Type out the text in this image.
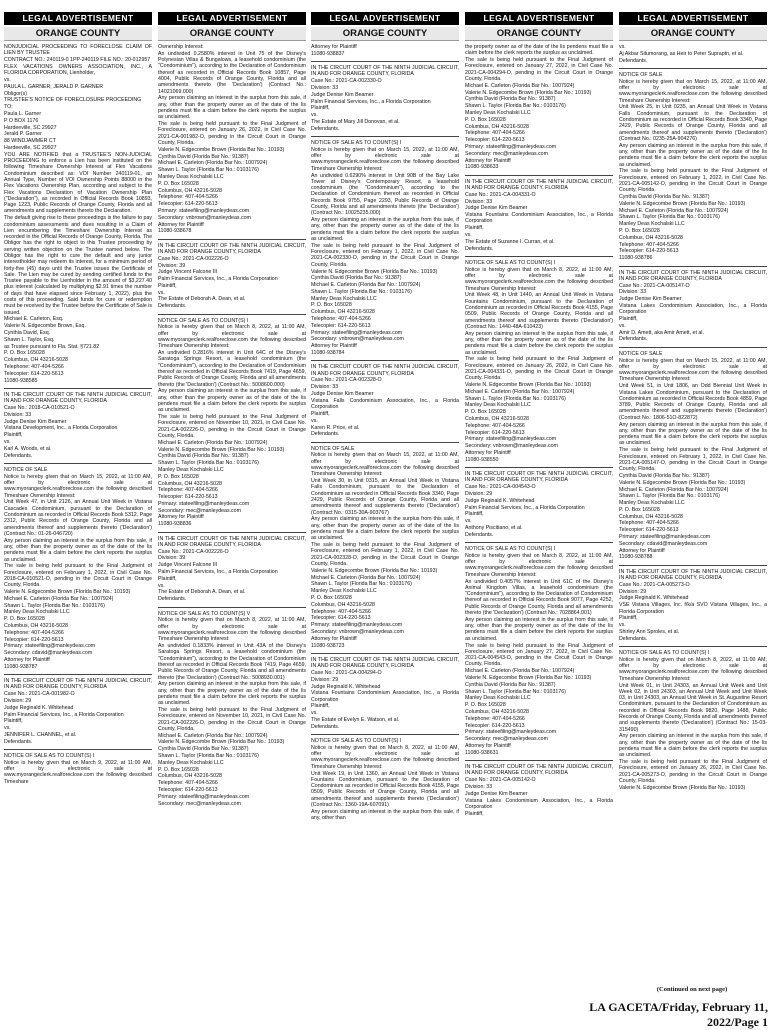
LEGAL ADVERTISEMENT
ORANGE COUNTY

NONJUDICIAL PROCEEDING TO FORECLOSE CLAIM OF LIEN BY TRUSTEE

CONTRACT NO.: 240119-0 1PP-240119 FILE NO.: 20-012957

FLEX VACATIONS OWNERS ASSOCIATION, INC., A FLORIDA CORPORATION, Lienholder,

vs.

PAULA L. GARNER; JERALD P. GARNER

Obligor(s)

TRUSTEE'S NOTICE OF FORECLOSURE PROCEEDING

TO:

Paula L. Garner

P O BOX 1176

Hardeeville, SC 29927

Jerald P. Garner

88 WINDJAMMER CT

Hardeeville, SC 29927

YOU ARE NOTIFIED that a TRUSTEE'S NON-JUDICIAL PROCEEDING to enforce a Lien has been instituted on the following Timeshare Ownership Interest at Flex Vacations Condominium described as: VOI Number 240119-01, an Annual Type, Number of VOI Ownership Points 88000 in the Flex Vacations Ownership Plan, according and subject to the Flex Vacations Declaration of Vacation Ownership Plan ("Declaration"), as recorded in Official Records Book 10893, Page 1223, Public Records of Orange County, Florida and all amendments and supplements thereto the Declaration.

The default giving rise to these proceedings is the failure to pay condominium assessments and dues resulting in a Claim of Lien encumbering the Timeshare Ownership Interest as recorded in the Official Records of Orange County, Florida. The Obligor has the right to object to this Trustee proceeding by serving written objection on the Trustee named below. The Obligor has the right to cure the default and any junior interestholder may redeem its interest, for a minimum period of forty-five (45) days until the Trustee issues the Certificate of Sale. The Lien may be cured by sending certified funds to the Trustee payable to the Lienholder in the amount of $3,227.40 plus interest (calculated by multiplying $2.91 times the number of days that have elapsed since February 1, 2022), plus the costs of this proceeding. Said funds for cure or redemption must be received by the Trustee before the Certificate of Sale is issued.

Michael E. Carleton, Esq.

Valerie N. Edgecombe Brown, Esq.

Cynthia David, Esq.

Shawn L. Taylor, Esq.

as Trustee pursuant to Fla. Stat. §721.82

P. O. Box 165028

Columbus, OH 43216-5028

Telephone: 407-404-5266

Telecopier: 614-220-5613

11080-938585

IN THE CIRCUIT COURT OF THE NINTH JUDICIAL CIRCUIT, IN AND FOR ORANGE COUNTY, FLORIDA

Case No.: 2018-CA-010521-O

Division: 33

Judge Denise Kim Beamer

Vistana Development, Inc., a Florida Corporation

Plaintiff,

vs.

Karl A. Woods, et al.

Defendants.

NOTICE OF SALE

Notice is hereby given that on March 15, 2022, at 11:00 AM, offer by electronic sale at www.myorangeclerk.realforeclose.com the following described Timeshare Ownership Interest:

Unit Week 47, in Unit 2126, an Annual Unit Week in Vistana Cascades Condominium, pursuant to the Declaration of Condominium as recorded in Official Records Book 5312, Page 2312, Public Records of Orange County, Florida and all amendments thereof and supplements thereto ('Declaration') (Contract No.: 01-26-046720)

Any person claiming an interest in the surplus from this sale, if any, other than the property owner as of the date of the lis pendens must file a claim before the clerk reports the surplus as unclaimed.

The sale is being held pursuant to the Final Judgment of Foreclosure, entered on February 1, 2022, in Civil Case No. 2018-CA-010521-O, pending in the Circuit Court in Orange County, Florida.

Valerie N. Edgecombe Brown (Florida Bar No.: 10193)

Michael E. Carleton (Florida Bar No.: 1007924)

Shawn L. Taylor (Florida Bar No.: 0103176)

Manley Deas Kochalski LLC

P. O. Box 165028

Columbus, OH 43216-5028

Telephone: 407-404-5266

Telecopier: 614-220-5613

Primary: stateefiling@manleydeas.com

Secondary: cdavid@manleydeas.com

Attorney for Plaintiff

11080-938787

IN THE CIRCUIT COURT OF THE NINTH JUDICIAL CIRCUIT, IN AND FOR ORANGE COUNTY, FLORIDA

Case No.: 2021-CA-001982-O

Division: 29

Judge Reginald K. Whitehead

Palm Financial Services, Inc., a Florida Corporation

Plaintiff,

vs.

JENNIFER L. CHANNEL, et al.

Defendants.

NOTICE OF SALE AS TO COUNT(S) I

Notice is hereby given that on March 9, 2022, at 11:00 AM, offer by electronic sale at www.myorangeclerk.realforeclose.com the following described Timeshare

LEGAL ADVERTISEMENT
ORANGE COUNTY

Ownership Interest:

An undivided 0.2580% interest in Unit 75 of the Disney's Polynesian Villas & Bungalows, a leasehold condominium (the "Condominium"), according to the Declaration of Condominium thereof as recorded in Official Records Book 10857, Page 4004, Public Records of Orange County, Florida and all amendments thereto (the 'Declaration') (Contract No.: 14021069.000)

Any person claiming an interest in the surplus from this sale, if any, other than the property owner as of the date of the lis pendens must file a claim before the clerk reports the surplus as unclaimed.

The sale is being held pursuant to the Final Judgment of Foreclosure, entered on January 26, 2022, in Civil Case No. 2021-CA-001982-O, pending in the Circuit Court in Orange County, Florida.

Valerie N. Edgecombe Brown (Florida Bar No.: 10193)

Cynthia David (Florida Bar No.: 91387)

Michael E. Carleton (Florida Bar No.: 1007924)

Shawn L. Taylor (Florida Bar No.: 0103176)

Manley Deas Kochalski LLC

P. O. Box 165028

Columbus, OH 43216-5028

Telephone: 407-404-5266

Telecopier: 614-220-5613

Primary: stateefiling@manleydeas.com

Secondary: vnbrown@manleydeas.com

Attorney for Plaintiff

11080-938678

IN THE CIRCUIT COURT OF THE NINTH JUDICIAL CIRCUIT, IN AND FOR ORANGE COUNTY, FLORIDA

Case No.: 2021-CA-002226-O

Division: 39

Judge Vincent Falcone III

Palm Financial Services, Inc., a Florida Corporation

Plaintiff,

vs.

The Estate of Deborah A. Dean, et al.

Defendants.

NOTICE OF SALE AS TO COUNT(S) I

Notice is hereby given that on March 8, 2022, at 11:00 AM, offer by electronic sale at www.myorangeclerk.realforeclose.com the following described Timeshare Ownership Interest:

An undivided 0.2816% interest in Unit 64C of the Disney's Saratoga Springs Resort, a leasehold condominium (the "Condominium"), according to the Declaration of Condominium thereof as recorded in Official Records Book 7419, Page 4659, Public Records of Orange County, Florida and all amendments thereto (the 'Declaration') (Contract No.: 5008600.000)

Any person claiming an interest in the surplus from this sale, if any, other than the property owner as of the date of the lis pendens must file a claim before the clerk reports the surplus as unclaimed.

The sale is being held pursuant to the Final Judgment of Foreclosure, entered on November 10, 2021, in Civil Case No. 2021-CA-002226-O, pending in the Circuit Court in Orange County, Florida.

Michael E. Carleton (Florida Bar No.: 1007924)

Valerie N. Edgecombe Brown (Florida Bar No.: 10193)

Cynthia David (Florida Bar No.: 91387)

Shawn L. Taylor (Florida Bar No.: 0103176)

Manley Deas Kochalski LLC

P. O. Box 165028

Columbus, OH 43216-5028

Telephone: 407-404-5266

Telecopier: 614-220-5613

Primary: stateefiling@manleydeas.com

Secondary: mec@manleydeas.com

Attorney for Plaintiff

11080-938836

IN THE CIRCUIT COURT OF THE NINTH JUDICIAL CIRCUIT, IN AND FOR ORANGE COUNTY, FLORIDA

Case No.: 2021-CA-002226-O

Division: 39

Judge Vincent Falcone III

Palm Financial Services, Inc., a Florida Corporation

Plaintiff,

vs.

The Estate of Deborah A. Dean, et al.

Defendants.

NOTICE OF SALE AS TO COUNT(S) V

Notice is hereby given that on March 8, 2022, at 11:00 AM, offer by electronic sale at www.myorangeclerk.realforeclose.com the following described Timeshare Ownership Interest:

An undivided 0.1833% interest in Unit 43A of the Disney's Saratoga Springs Resort, a leasehold condominium (the "Condominium"), according to the Declaration of Condominium thereof as recorded in Official Records Book 7419, Page 4659, Public Records of Orange County, Florida and all amendments thereto (the 'Declaration') (Contract No.: 5008930.001)

Any person claiming an interest in the surplus from this sale, if any, other than the property owner as of the date of the lis pendens must file a claim before the clerk reports the surplus as unclaimed.

The sale is being held pursuant to the Final Judgment of Foreclosure, entered on November 10, 2021, in Civil Case No. 2021-CA-002226-O, pending in the Circuit Court in Orange County, Florida.

Michael E. Carleton (Florida Bar No.: 1007924)

Valerie N. Edgecombe Brown (Florida Bar No.: 10193)

Cynthia David (Florida Bar No.: 91387)

Shawn L. Taylor (Florida Bar No.: 0103176)

Manley Deas Kochalski LLC

P. O. Box 165028

Columbus, OH 43216-5028

Telephone: 407-404-5266

Telecopier: 614-220-5613

Primary: stateefiling@manleydeas.com

Secondary: mec@manleydeas.com

LEGAL ADVERTISEMENT
ORANGE COUNTY

Attorney for Plaintiff

11080-938837

IN THE CIRCUIT COURT OF THE NINTH JUDICIAL CIRCUIT, IN AND FOR ORANGE COUNTY, FLORIDA

Case No.: 2021-CA-002330-O

Division: 33

Judge Denise Kim Beamer

Palm Financial Services, Inc., a Florida Corporation

Plaintiff,

vs.

The Estate of Mary Jill Donovan, et al.

Defendants.

NOTICE OF SALE AS TO COUNT(S) I

Notice is hereby given that on March 15, 2022, at 11:00 AM, offer by electronic sale at www.myorangeclerk.realforeclose.com the following described Timeshare Ownership Interest:

An undivided 0.6290% interest in Unit 90B of the Bay Lake Tower at Disney's Contemporary Resort, a leasehold condominium (the "Condominium"), according to the Declaration of Condominium thereof as recorded in Official Records Book 9755, Page 2293, Public Records of Orange County, Florida and all amendments thereto (the 'Declaration') (Contract No.: 10025235.000)

Any person claiming an interest in the surplus from this sale, if any, other than the property owner as of the date of the lis pendens must file a claim before the clerk reports the surplus as unclaimed.

The sale is being held pursuant to the Final Judgment of Foreclosure, entered on February 1, 2022, in Civil Case No. 2021-CA-002330-O, pending in the Circuit Court in Orange County, Florida.

Valerie N. Edgecombe Brown (Florida Bar No.: 10193)

Cynthia David (Florida Bar No.: 91387)

Michael E. Carleton (Florida Bar No.: 1007924)

Shawn L. Taylor (Florida Bar No.: 0103176)

Manley Deas Kochalski LLC

P. O. Box 165028

Columbus, OH 43216-5028

Telephone: 407-404-5266

Telecopier: 614-220-5613

Primary: stateefiling@manleydeas.com

Secondary: vnbrown@manleydeas.com

Attorney for Plaintiff

11080-938784

IN THE CIRCUIT COURT OF THE NINTH JUDICIAL CIRCUIT, IN AND FOR ORANGE COUNTY, FLORIDA

Case No.: 2021-CA-002328-O

Division: 33

Judge Denise Kim Beamer

Vistana Falls Condominium Association, Inc., a Florida Corporation

Plaintiff,

vs.

Karen R. Price, et al.

Defendants.

NOTICE OF SALE

Notice is hereby given that on March 15, 2022, at 11:00 AM, offer by electronic sale at www.myorangeclerk.realforeclose.com the following described Timeshare Ownership Interest:

Unit Week 30, in Unit 0315, an Annual Unit Week in Vistana Falls Condominium, pursuant to the Declaration of Condominium as recorded in Official Records Book 3340, Page 2429, Public Records of Orange County, Florida and all amendments thereof and supplements thereto ('Declaration') (Contract No.: 0315-30A-903767)

Any person claiming an interest in the surplus from this sale, if any, other than the property owner as of the date of the lis pendens must file a claim before the clerk reports the surplus as unclaimed.

The sale is being held pursuant to the Final Judgment of Foreclosure, entered on February 1, 2022, in Civil Case No. 2021-CA-002328-O, pending in the Circuit Court in Orange County, Florida.

Valerie N. Edgecombe Brown (Florida Bar No.: 10193)

Michael E. Carleton (Florida Bar No.: 1007924)

Shawn L. Taylor (Florida Bar No.: 0103176)

Manley Deas Kochalski LLC

P. O. Box 165028

Columbus, OH 43216-5028

Telephone: 407-404-5266

Telecopier: 614-220-5613

Primary: stateefiling@manleydeas.com

Secondary: vnbrown@manleydeas.com

Attorney for Plaintiff

11080-938723

IN THE CIRCUIT COURT OF THE NINTH JUDICIAL CIRCUIT, IN AND FOR ORANGE COUNTY, FLORIDA

Case No.: 2021-CA-004294-O

Division: 29

Judge Reginald K. Whitehead

Vistana Fountains Condominium Association, Inc., a Florida Corporation

Plaintiff,

vs.

The Estate of Evelyn E. Watson, et al.

Defendants.

NOTICE OF SALE AS TO COUNT(S) I

Notice is hereby given that on March 8, 2022, at 11:00 AM, offer by electronic sale at www.myorangeclerk.realforeclose.com the following described Timeshare Ownership Interest:

Unit Week 19, in Unit 1360, an Annual Unit Week in Vistana Fountains Condominium, pursuant to the Declaration of Condominium as recorded in Official Records Book 4155, Page 0509, Public Records of Orange County, Florida and all amendments thereof and supplements thereto ('Declaration') (Contract No.: 1360-19A-607091)

Any person claiming an interest in the surplus from this sale, if any, other than

LEGAL ADVERTISEMENT
ORANGE COUNTY

the property owner as of the date of the lis pendens must file a claim before the clerk reports the surplus as unclaimed.

The sale is being held pursuant to the Final Judgment of Foreclosure, entered on January 27, 2022, in Civil Case No. 2021-CA-004294-O, pending in the Circuit Court in Orange County, Florida.

Michael E. Carleton (Florida Bar No.: 1007924)

Valerie N. Edgecombe Brown (Florida Bar No.: 10193)

Cynthia David (Florida Bar No.: 91387)

Shawn L. Taylor (Florida Bar No.: 0103176)

Manley Deas Kochalski LLC

P. O. Box 165028

Columbus, OH 43216-5028

Telephone: 407-404-5266

Telecopier: 614-220-5613

Primary: stateefiling@manleydeas.com

Secondary: mec@manleydeas.com

Attorney for Plaintiff

11080-938633

IN THE CIRCUIT COURT OF THE NINTH JUDICIAL CIRCUIT, IN AND FOR ORANGE COUNTY, FLORIDA

Case No.: 2021-CA-004331-O

Division: 33

Judge Denise Kim Beamer

Vistana Fountains Condominium Association, Inc., a Florida Corporation

Plaintiff,

vs.

The Estate of Suzanne I. Curran, et al.

Defendants.

NOTICE OF SALE AS TO COUNT(S) I

Notice is hereby given that on March 8, 2022, at 11:00 AM, offer by electronic sale at www.myorangeclerk.realforeclose.com the following described Timeshare Ownership Interest:

Unit Week 48, in Unit 1440, an Annual Unit Week in Vistana Fountains Condominium, pursuant to the Declaration of Condominium as recorded in Official Records Book 4155, Page 0509, Public Records of Orange County, Florida and all amendments thereof and supplements thereto ('Declaration') (Contract No.: 1440-48A-610423)

Any person claiming an interest in the surplus from this sale, if any, other than the property owner as of the date of the lis pendens must file a claim before the clerk reports the surplus as unclaimed.

The sale is being held pursuant to the Final Judgment of Foreclosure, entered on January 26, 2022, in Civil Case No. 2021-CA-004331-O, pending in the Circuit Court in Orange County, Florida.

Valerie N. Edgecombe Brown (Florida Bar No.: 10193)

Michael E. Carleton (Florida Bar No.: 1007924)

Shawn L. Taylor (Florida Bar No.: 0103176)

Manley Deas Kochalski LLC

P. O. Box 165028

Columbus, OH 43216-5028

Telephone: 407-404-5266

Telecopier: 614-220-5613

Primary: stateefiling@manleydeas.com

Secondary: vnbrown@manleydeas.com

Attorney for Plaintiff

11080-938550

IN THE CIRCUIT COURT OF THE NINTH JUDICIAL CIRCUIT, IN AND FOR ORANGE COUNTY, FLORIDA

Case No.: 2021-CA-004543-O

Division: 29

Judge Reginald K. Whitehead

Palm Financial Services, Inc., a Florida Corporation

Plaintiff,

vs.

Anthony Piscitiano, et al.

Defendants.

NOTICE OF SALE AS TO COUNT(S) I

Notice is hereby given that on March 8, 2022, at 11:00 AM, offer by electronic sale at www.myorangeclerk.realforeclose.com the following described Timeshare Ownership Interest:

An undivided 0.4057% interest in Unit 61C of the Disney's Animal Kingdom Villas, a leasehold condominium (the "Condominium"), according to the Declaration of Condominium thereof as recorded in Official Records Book 9077, Page 4252, Public Records of Orange County, Florida and all amendments thereto (the 'Declaration') (Contract No.: 7028864.001)

Any person claiming an interest in the surplus from this sale, if any, other than the property owner as of the date of the lis pendens must file a claim before the clerk reports the surplus as unclaimed.

The sale is being held pursuant to the Final Judgment of Foreclosure, entered on January 27, 2022, in Civil Case No. 2021-CA-004543-O, pending in the Circuit Court in Orange County, Florida.

Michael E. Carleton (Florida Bar No.: 1007924)

Valerie N. Edgecombe Brown (Florida Bar No.: 10193)

Cynthia David (Florida Bar No.: 91387)

Shawn L. Taylor (Florida Bar No.: 0103176)

Manley Deas Kochalski LLC

P. O. Box 165028

Columbus, OH 43216-5028

Telephone: 407-404-5266

Telecopier: 614-220-5613

Primary: stateefiling@manleydeas.com

Secondary: mec@manleydeas.com

Attorney for Plaintiff

11080-938631

IN THE CIRCUIT COURT OF THE NINTH JUDICIAL CIRCUIT, IN AND FOR ORANGE COUNTY, FLORIDA

Case No.: 2021-CA-005142-O

Division: 33

Judge Denise Kim Beamer

Vistana Lakes Condominium Association, Inc., a Florida Corporation

Plaintiff,

LEGAL ADVERTISEMENT
ORANGE COUNTY

vs.

Aj Akbar Situmorang, as Heir to Peter Supraptn, et al.

Defendants.

NOTICE OF SALE

Notice is hereby given that on March 15, 2022, at 11:00 AM, offer by electronic sale at www.myorangeclerk.realforeclose.com the following described Timeshare Ownership Interest:

Unit Week 25, in Unit 0235, an Annual Unit Week in Vistana Falls Condominium, pursuant to the Declaration of Condominium as recorded in Official Records Book 3340, Page 2429, Public Records of Orange County, Florida and all amendments thereof and supplements thereto ('Declaration') (Contract No.: 0235-25A-904276)

Any person claiming an interest in the surplus from this sale, if any, other than the property owner as of the date of the lis pendens must file a claim before the clerk reports the surplus as unclaimed.

The sale is being held pursuant to the Final Judgment of Foreclosure, entered on February 1, 2022, in Civil Case No. 2021-CA-005142-O, pending in the Circuit Court in Orange County, Florida.

Cynthia David (Florida Bar No.: 91387)

Valerie N. Edgecombe Brown (Florida Bar No.: 10193)

Michael E. Carleton (Florida Bar No.: 1007924)

Shawn L. Taylor (Florida Bar No.: 0103176)

Manley Deas Kochalski LLC

P. O. Box 165028

Columbus, OH 43216-5028

Telephone: 407-404-5266

Telecopier: 614-220-5613

11080-938786

IN THE CIRCUIT COURT OF THE NINTH JUDICIAL CIRCUIT, IN AND FOR ORANGE COUNTY, FLORIDA

Case No.: 2021-CA-005147-O

Division: 33

Judge Denise Kim Beamer

Vistana Lakes Condominium Association, Inc., a Florida Corporation

Plaintiff,

vs.

Amir D. Amett, aka Amir Amett, et al.

Defendants.

NOTICE OF SALE

Notice is hereby given that on March 15, 2022, at 11:00 AM, offer by electronic sale at www.myorangeclerk.realforeclose.com the following described Timeshare Ownership Interest:

Unit Week 51, in Unit 1806, an Odd Biennial Unit Week in Vistana Lakes Condominium, pursuant to the Declaration of Condominium as recorded in Official Records Book 4859, Page 3789, Public Records of Orange County, Florida and all amendments thereof and supplements thereto ('Declaration') (Contract No.: 1806-51O-822872)

Any person claiming an interest in the surplus from this sale, if any, other than the property owner as of the date of the lis pendens must file a claim before the clerk reports the surplus as unclaimed.

The sale is being held pursuant to the Final Judgment of Foreclosure, entered on February 1, 2022, in Civil Case No. 2021-CA-005147-O, pending in the Circuit Court in Orange County, Florida.

Cynthia David (Florida Bar No.: 91387)

Valerie N. Edgecombe Brown (Florida Bar No.: 10193)

Michael E. Carleton (Florida Bar No.: 1007924)

Shawn L. Taylor (Florida Bar No.: 0103176)

Manley Deas Kochalski LLC

P. O. Box 165028

Columbus, OH 43216-5028

Telephone: 407-404-5266

Telecopier: 614-220-5613

Primary: stateefiling@manleydeas.com

Secondary: cdavid@manleydeas.com

Attorney for Plaintiff

11080-938788

IN THE CIRCUIT COURT OF THE NINTH JUDICIAL CIRCUIT, IN AND FOR ORANGE COUNTY, FLORIDA

Case No.: 2021-CA-005273-O

Division: 29

Judge Reginald K. Whitehead

VSE Vistana Villages, Inc. f/k/a SVO Vistana Villages, Inc., a Florida Corporation

Plaintiff,

vs.

Shirley Ann Sproles, et al.

Defendants.

NOTICE OF SALE AS TO COUNT(S) I

Notice is hereby given that on March 8, 2022, at 11:00 AM, offer by electronic sale at www.myorangeclerk.realforeclose.com the following described Timeshare Ownership Interest:

Unit Week 01, in Unit 24303, an Annual Unit Week and Unit Week 02, in Unit 24303, an Annual Unit Week and Unit Week 03, in Unit 24303, an Annual Unit Week in St. Augustine Resort Condominium, pursuant to the Declaration of Condominium as recorded in Official Records Book 9820, Page 1488, Public Records of Orange County, Florida and all amendments thereof and supplements thereto ('Declaration') (Contract No.: 15-03-315490)

Any person claiming an interest in the surplus from this sale, if any, other than the property owner as of the date of the lis pendens must file a claim before the clerk reports the surplus as unclaimed.

The sale is being held pursuant to the Final Judgment of Foreclosure, entered on January 26, 2022, in Civil Case No. 2021-CA-005273-O, pending in the Circuit Court in Orange County, Florida.

Valerie N. Edgecombe Brown (Florida Bar No.: 10193)

(Continued on next page)
LA GACETA/Friday, February 11, 2022/Page 1
